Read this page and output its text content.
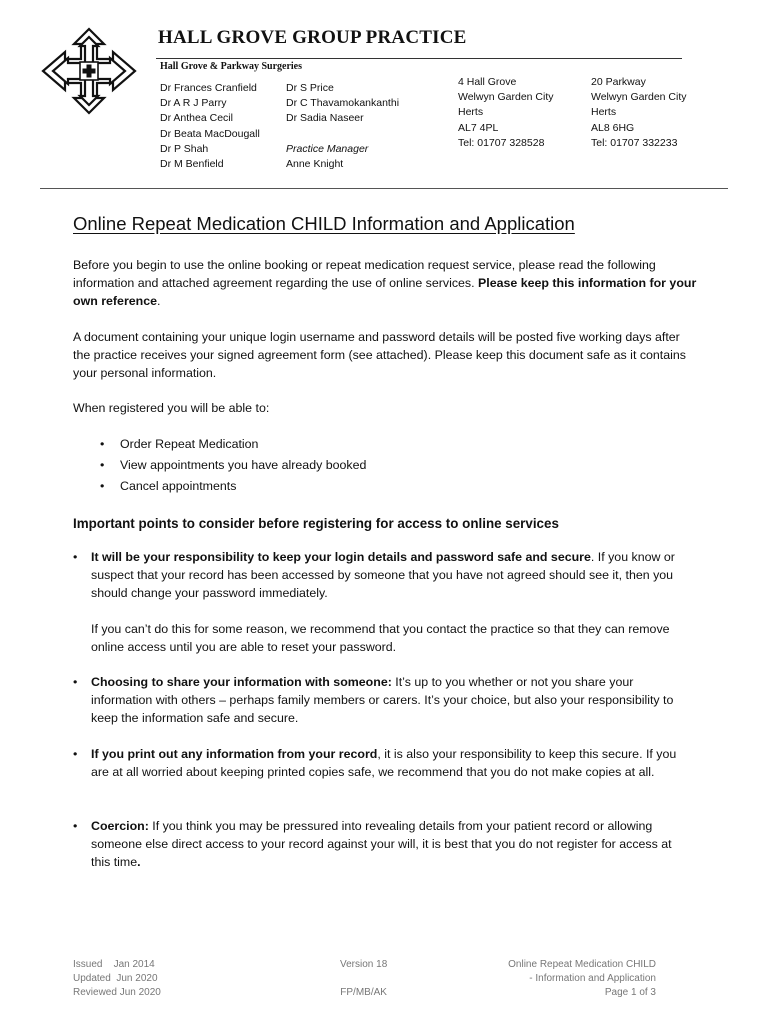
HALL GROVE GROUP PRACTICE
Hall Grove & Parkway Surgeries
Dr Frances Cranfield
Dr A R J Parry
Dr Anthea Cecil
Dr Beata MacDougall
Dr P Shah
Dr M Benfield
Dr S Price
Dr C Thavamokankanthi
Dr Sadia Naseer

Practice Manager
Anne Knight
4 Hall Grove
Welwyn Garden City
Herts
AL7 4PL
Tel: 01707 328528
20 Parkway
Welwyn Garden City
Herts
AL8 6HG
Tel: 01707 332233
Online Repeat Medication CHILD Information and Application
Before you begin to use the online booking or repeat medication request service, please read the following information and attached agreement regarding the use of online services. Please keep this information for your own reference.
A document containing your unique login username and password details will be posted five working days after the practice receives your signed agreement form (see attached). Please keep this document safe as it contains your personal information.
When registered you will be able to:
• Order Repeat Medication
• View appointments you have already booked
• Cancel appointments
Important points to consider before registering for access to online services
• It will be your responsibility to keep your login details and password safe and secure. If you know or suspect that your record has been accessed by someone that you have not agreed should see it, then you should change your password immediately.
If you can’t do this for some reason, we recommend that you contact the practice so that they can remove online access until you are able to reset your password.
• Choosing to share your information with someone: It’s up to you whether or not you share your information with others – perhaps family members or carers. It’s your choice, but also your responsibility to keep the information safe and secure.
• If you print out any information from your record, it is also your responsibility to keep this secure. If you are at all worried about keeping printed copies safe, we recommend that you do not make copies at all.
• Coercion: If you think you may be pressured into revealing details from your patient record or allowing someone else direct access to your record against your will, it is best that you do not register for access at this time.
Issued    Jan 2014
Updated  Jun 2020
Reviewed Jun 2020
Version 18

FP/MB/AK
Online Repeat Medication CHILD
- Information and Application
Page 1 of 3
